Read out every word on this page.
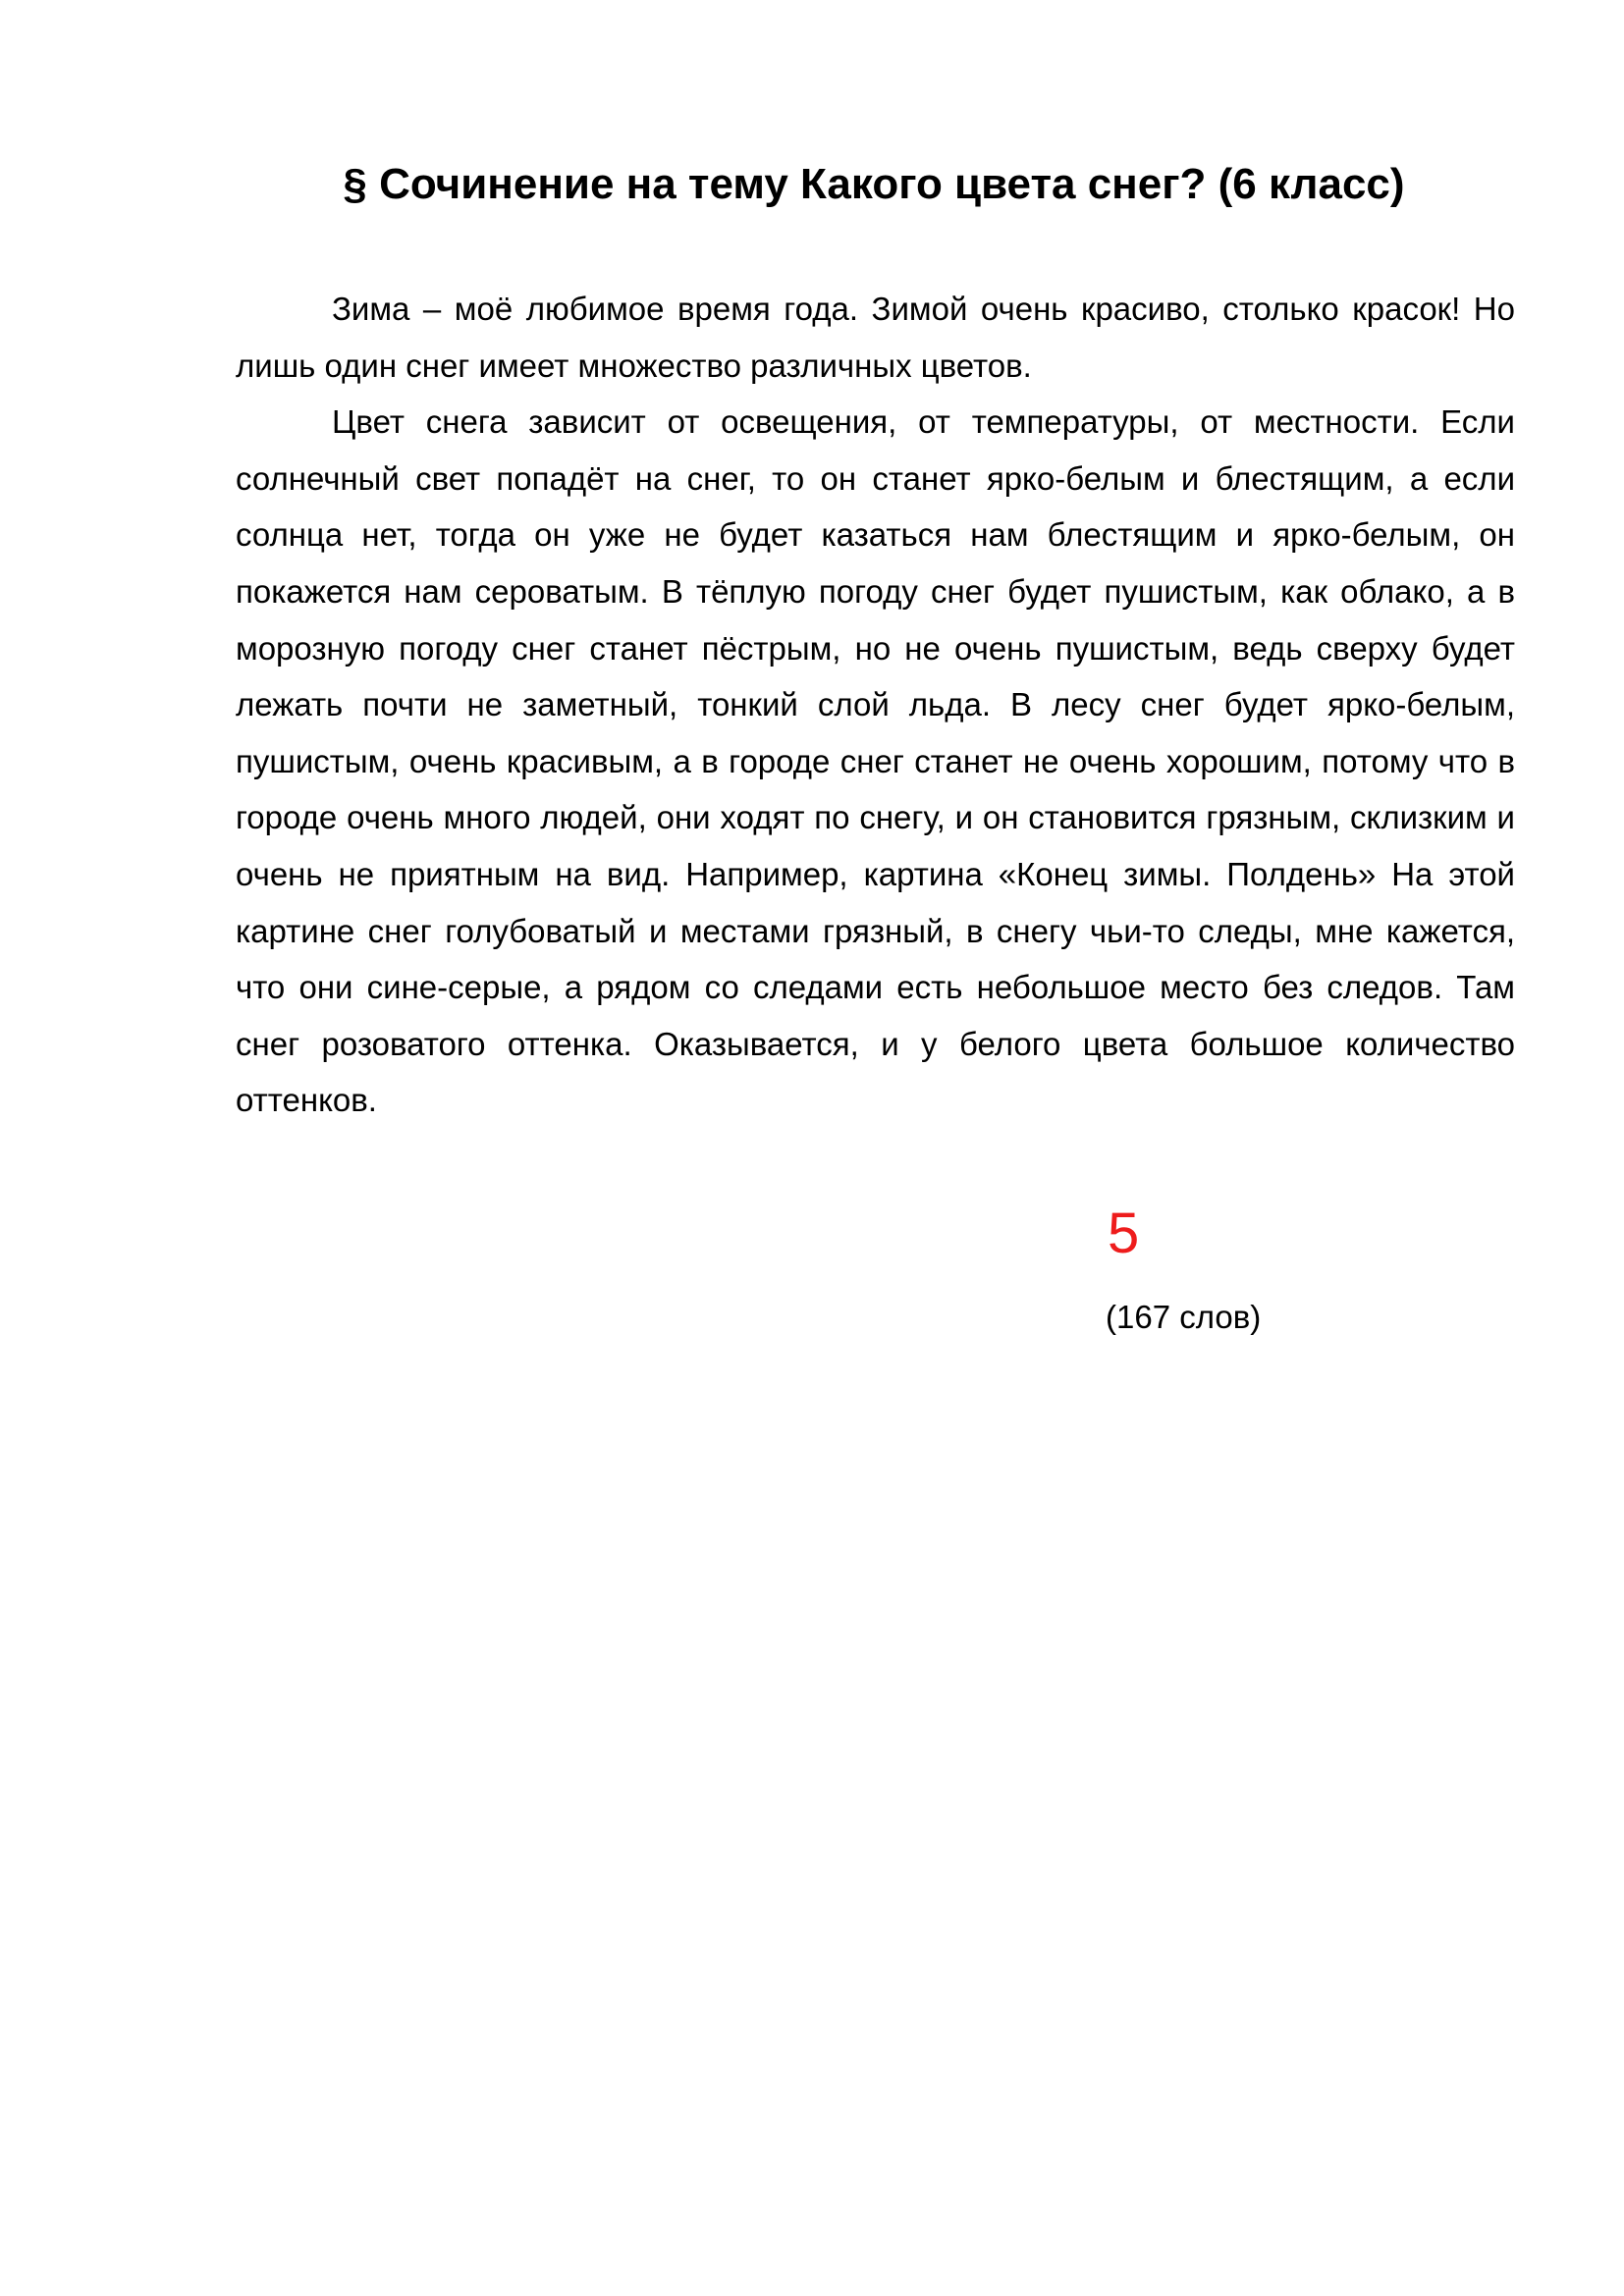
§ Сочинение на тему Какого цвета снег? (6 класс)

Зима – моё любимое время года. Зимой очень красиво, столько красок! Но лишь один снег имеет множество различных цветов.

Цвет снега зависит от освещения, от температуры, от местности. Если солнечный свет попадёт на снег, то он станет ярко-белым и блестящим, а если солнца нет, тогда он уже не будет казаться нам блестящим и ярко-белым, он покажется нам сероватым. В тёплую погоду снег будет пушистым, как облако, а в морозную погоду снег станет пёстрым, но не очень пушистым, ведь сверху будет лежать почти не заметный, тонкий слой льда. В лесу снег будет ярко-белым, пушистым, очень красивым, а в городе снег станет не очень хорошим, потому что в городе очень много людей, они ходят по снегу, и он становится грязным, склизким и очень не приятным на вид. Например, картина «Конец зимы. Полдень» На этой картине снег голубоватый и местами грязный, в снегу чьи-то следы, мне кажется, что они сине-серые, а рядом со следами есть небольшое место без следов. Там снег розоватого оттенка. Оказывается, и у белого цвета большое количество оттенков.

5
(167 слов)
